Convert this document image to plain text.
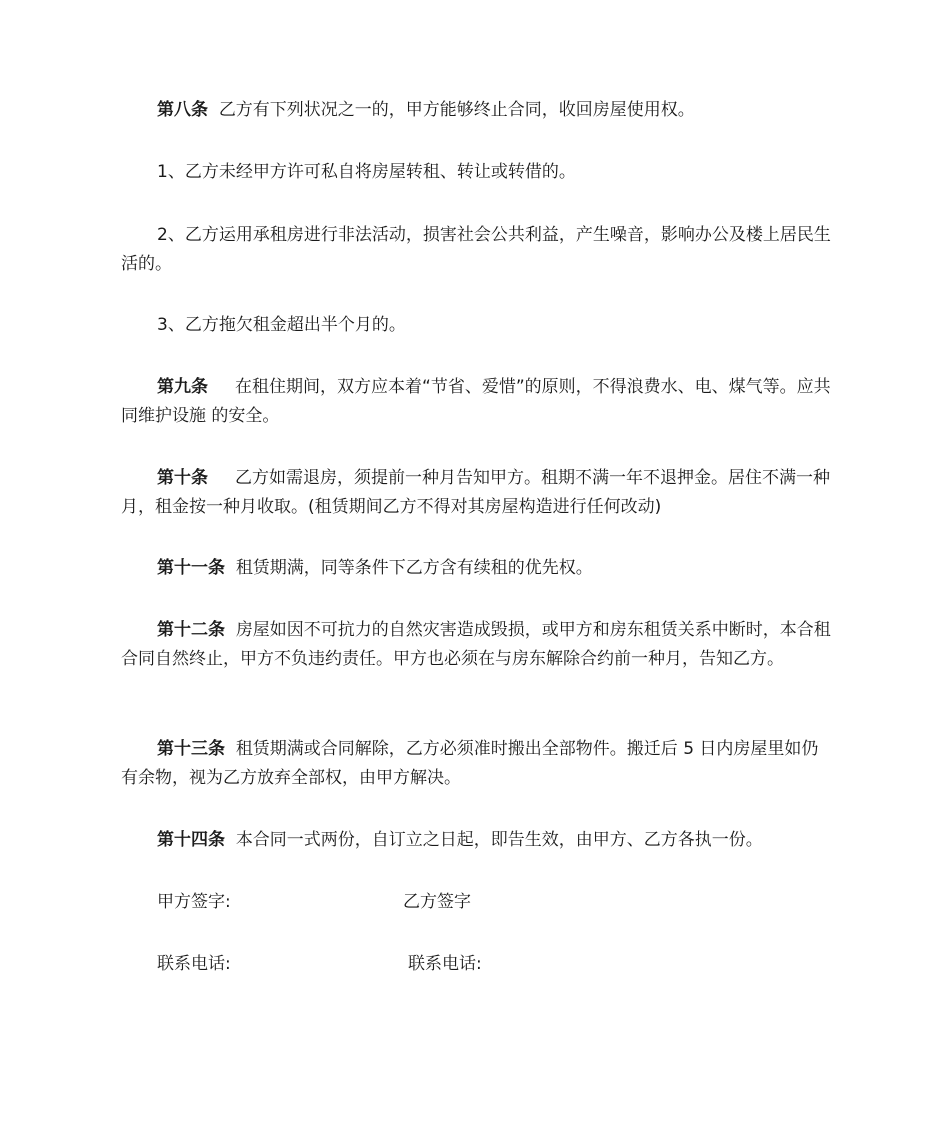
第八条 乙方有下列状况之一的，甲方能够终止合同，收回房屋使用权。

1、乙方未经甲方许可私自将房屋转租、转让或转借的。

2、乙方运用承租房进行非法活动，损害社会公共利益，产生噪音，影响办公及楼上居民生活的。

3、乙方拖欠租金超出半个月的。

第九条 在租住期间，双方应本着“节省、爱惜”的原则，不得浪费水、电、煤气等。应共同维护设施 的安全。

第十条 乙方如需退房，须提前一种月告知甲方。租期不满一年不退押金。居住不满一种月，租金按一种月收取。(租赁期间乙方不得对其房屋构造进行任何改动)

第十一条 租赁期满，同等条件下乙方含有续租的优先权。

第十二条 房屋如因不可抗力的自然灾害造成毁损，或甲方和房东租赁关系中断时，本合租合同自然终止，甲方不负违约责任。甲方也必须在与房东解除合约前一种月，告知乙方。

第十三条 租赁期满或合同解除，乙方必须准时搬出全部物件。搬迁后 5 日内房屋里如仍有余物，视为乙方放弃全部权，由甲方解决。

第十四条 本合同一式两份，自订立之日起，即告生效，由甲方、乙方各执一份。

甲方签字:	乙方签字
联系电话:	联系电话:
